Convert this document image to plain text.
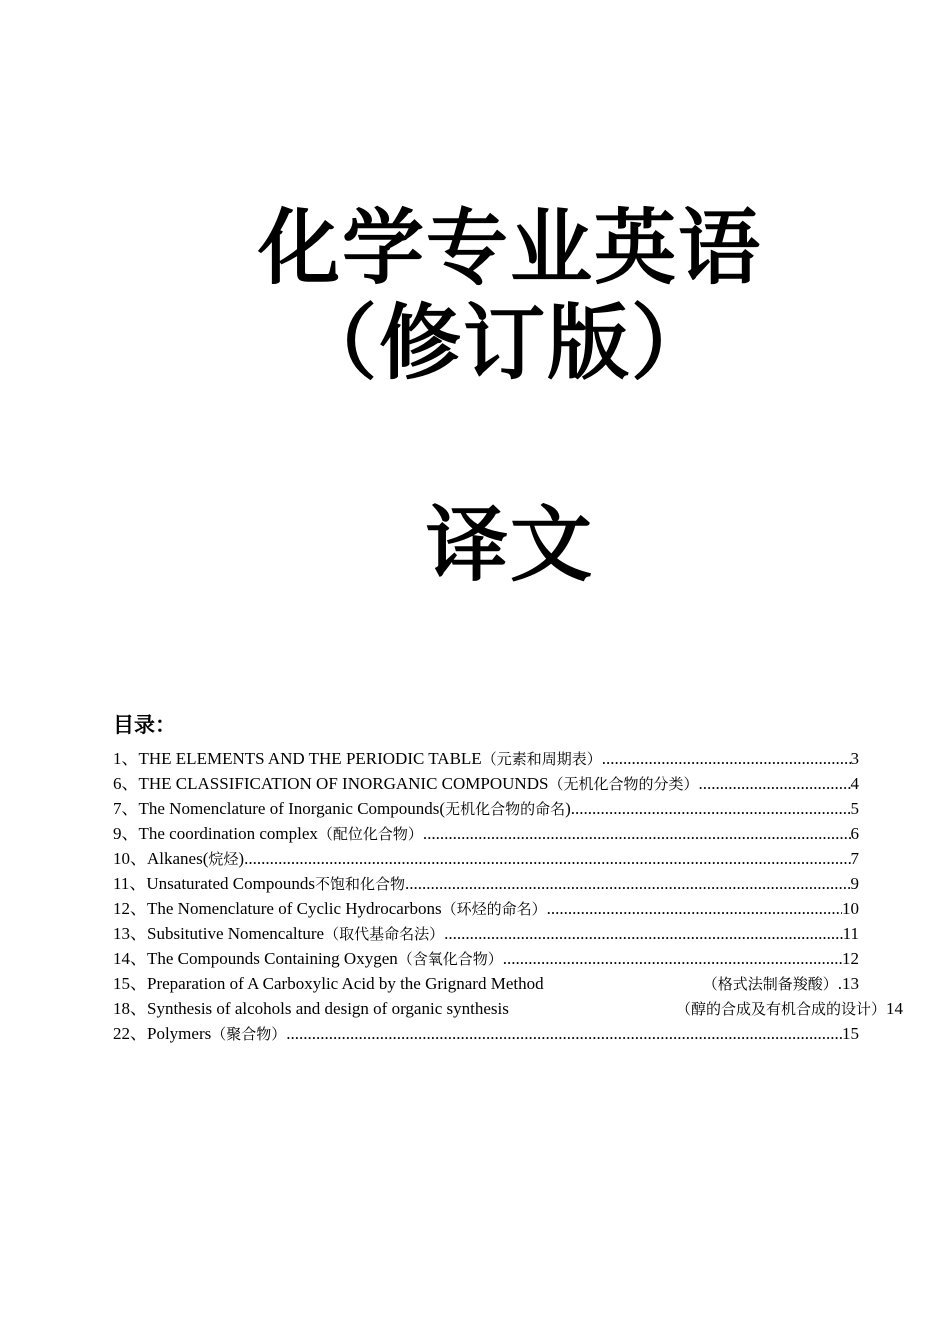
化学专业英语
（修订版）
译文
目录：
1、 THE ELEMENTS AND THE PERIODIC TABLE （元素和周期表） .....	3
6、 THE CLASSIFICATION OF INORGANIC COMPOUNDS （无机化合物的分类） .....	4
7、 The Nomenclature of Inorganic Compounds( 无机化合物的命名 ) .....	5
9、 The coordination complex （配位化合物） .....	6
10、 Alkanes( 烷烃 ) .....	7
11、 Unsaturated Compounds 不饱和化合物 .....	9
12、 The Nomenclature of Cyclic Hydrocarbons （环烃的命名） .....	10
13、 Subsitutive Nomencalture （取代基命名法） .....	11
14、 The Compounds Containing Oxygen （含氧化合物） .....	12
15、 Preparation of A Carboxylic Acid by the Grignard Method	（格式法制备羧酸） .13
18、 Synthesis of alcohols and design of organic synthesis	（醇的合成及有机合成的设计） 14
22、 Polymers （聚合物） .....	15
